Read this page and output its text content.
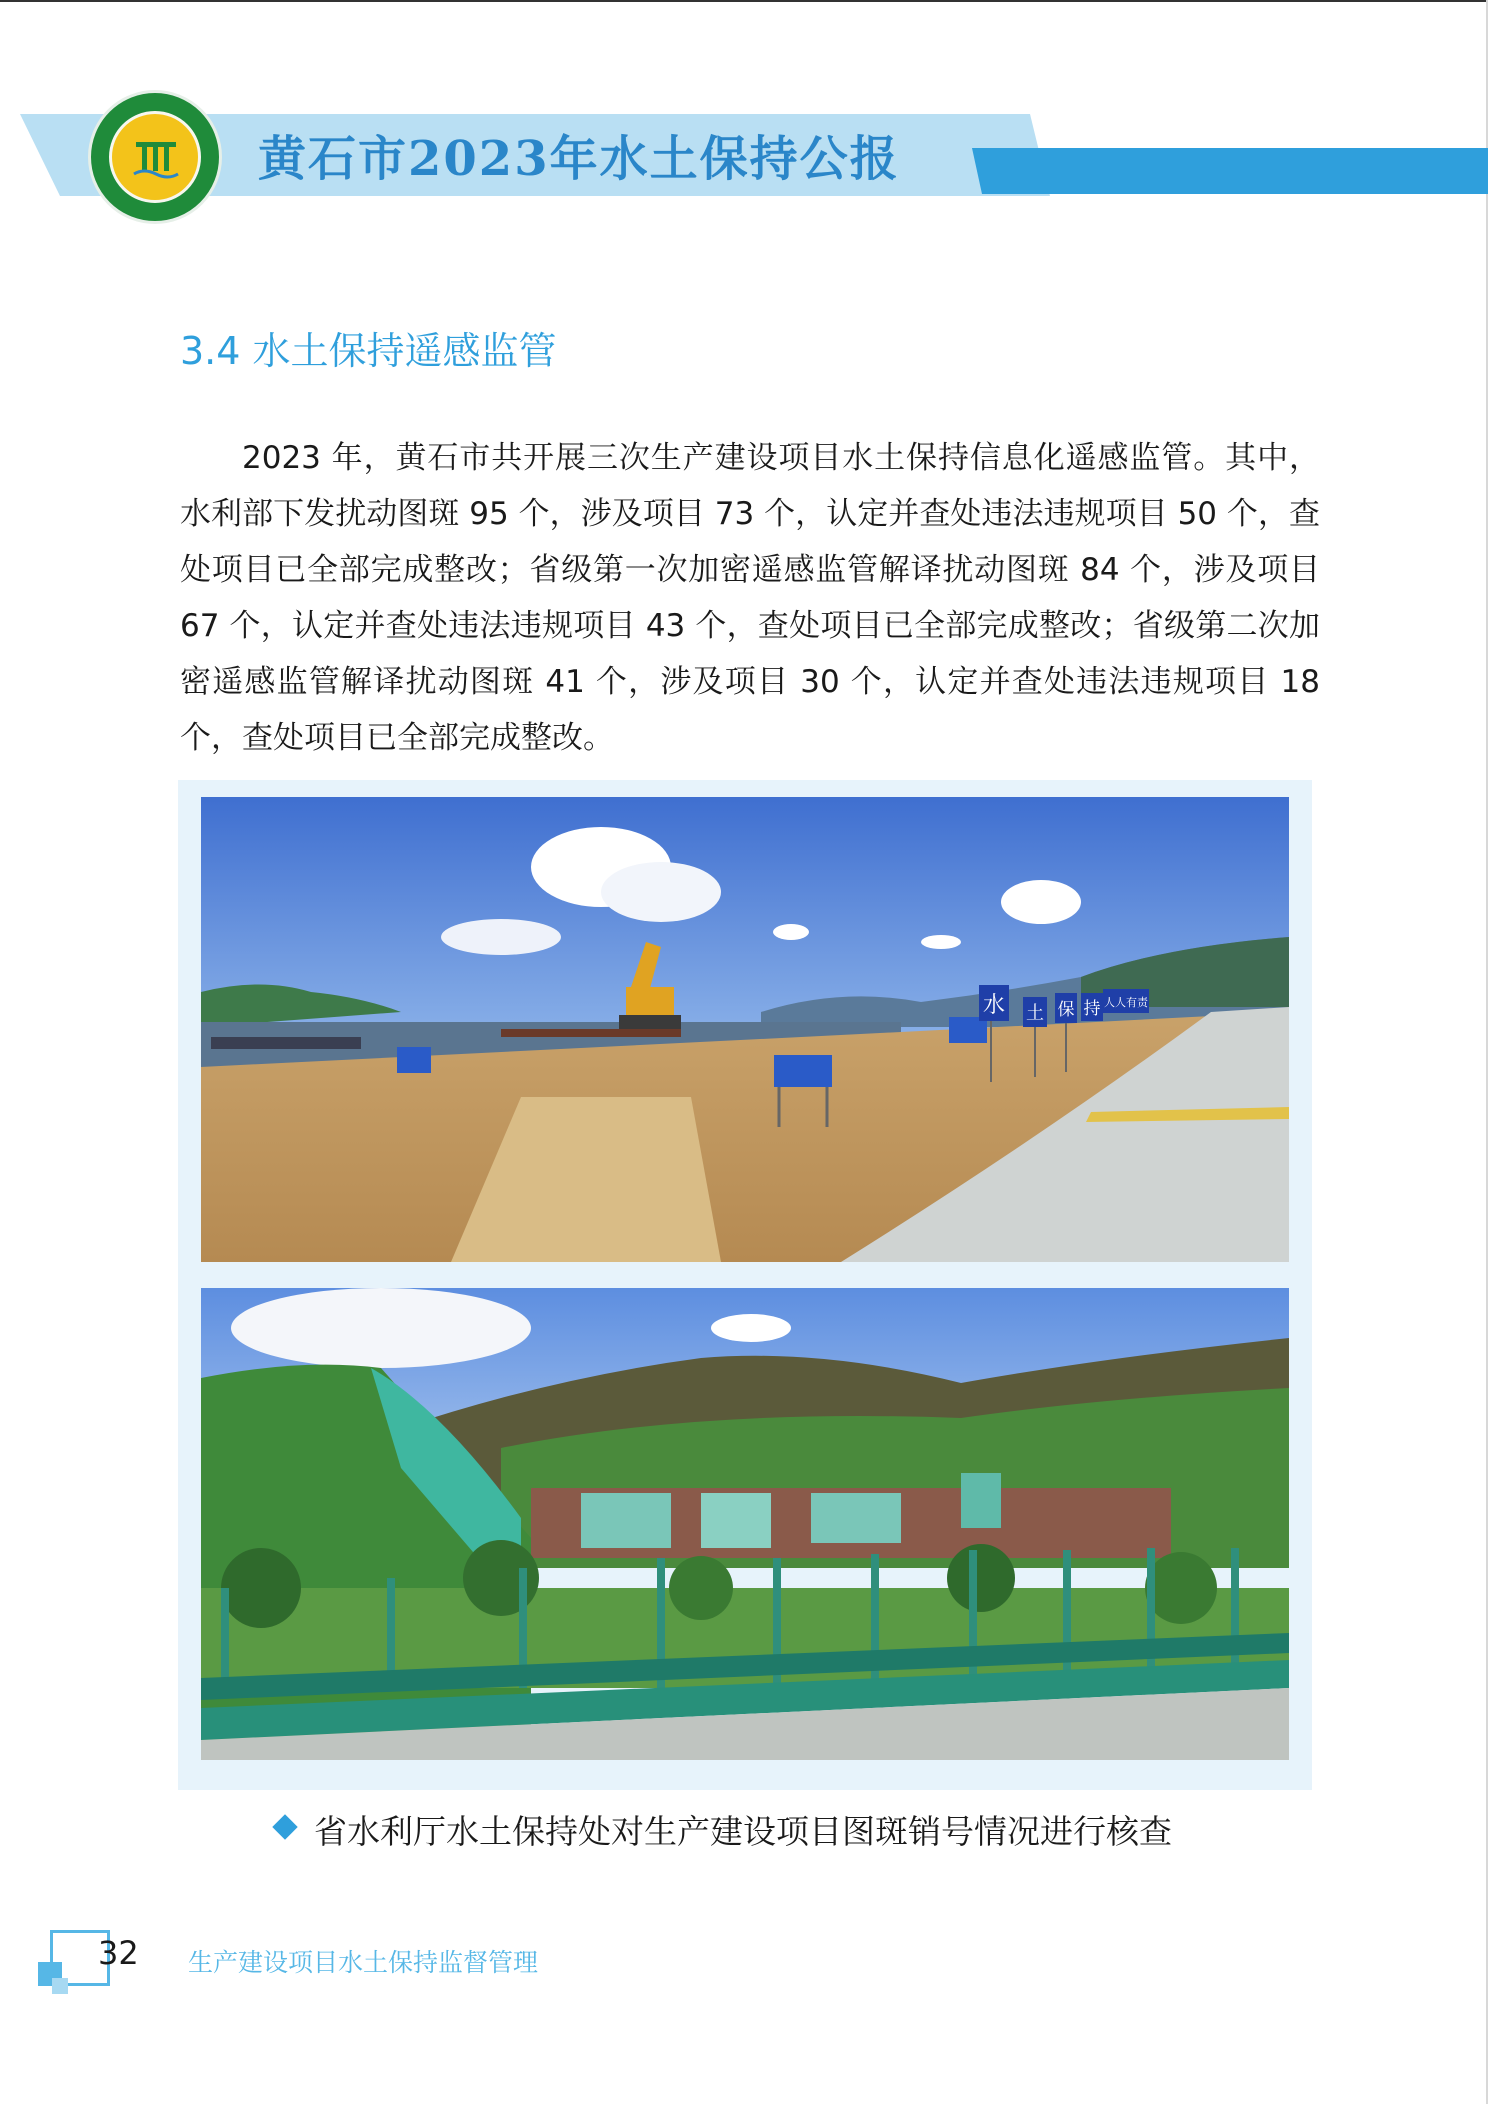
黄石市2023年水土保持公报
3.4 水土保持遥感监管
2023 年，黄石市共开展三次生产建设项目水土保持信息化遥感监管。其中，水利部下发扰动图斑 95 个，涉及项目 73 个，认定并查处违法违规项目 50 个，查处项目已全部完成整改；省级第一次加密遥感监管解译扰动图斑 84 个，涉及项目 67 个，认定并查处违法违规项目 43 个，查处项目已全部完成整改；省级第二次加密遥感监管解译扰动图斑 41 个，涉及项目 30 个，认定并查处违法违规项目 18 个，查处项目已全部完成整改。
水 土 保 持 人人有责
省水利厅水土保持处对生产建设项目图斑销号情况进行核查
32 生产建设项目水土保持监督管理
